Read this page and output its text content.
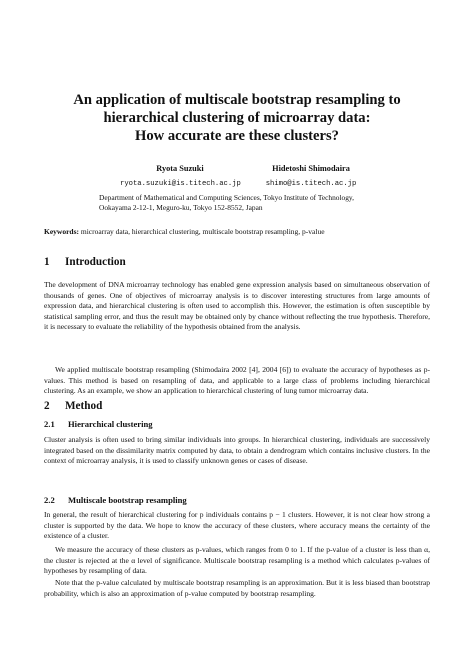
An application of multiscale bootstrap resampling to
hierarchical clustering of microarray data:
How accurate are these clusters?
Ryota Suzuki
ryota.suzuki@is.titech.ac.jp
Hidetoshi Shimodaira
shimo@is.titech.ac.jp
Department of Mathematical and Computing Sciences, Tokyo Institute of Technology,
Ookayama 2-12-1, Meguro-ku, Tokyo 152-8552, Japan
Keywords: microarray data, hierarchical clustering, multiscale bootstrap resampling, p-value
1 Introduction
The development of DNA microarray technology has enabled gene expression analysis based on simultaneous observation of thousands of genes. One of objectives of microarray analysis is to discover interesting structures from large amounts of expression data, and hierarchical clustering is often used to accomplish this. However, the estimation is often susceptible by statistical sampling error, and thus the result may be obtained only by chance without reflecting the true hypothesis. Therefore, it is necessary to evaluate the reliability of the hypothesis obtained from the analysis.
We applied multiscale bootstrap resampling (Shimodaira 2002 [4], 2004 [6]) to evaluate the accuracy of hypotheses as p-values. This method is based on resampling of data, and applicable to a large class of problems including hierarchical clustering. As an example, we show an application to hierarchical clustering of lung tumor microarray data.
2 Method
2.1 Hierarchical clustering
Cluster analysis is often used to bring similar individuals into groups. In hierarchical clustering, individuals are successively integrated based on the dissimilarity matrix computed by data, to obtain a dendrogram which contains inclusive clusters. In the context of microarray analysis, it is used to classify unknown genes or cases of disease.
2.2 Multiscale bootstrap resampling
In general, the result of hierarchical clustering for p individuals contains p − 1 clusters. However, it is not clear how strong a cluster is supported by the data. We hope to know the accuracy of these clusters, where accuracy means the certainty of the existence of a cluster.
We measure the accuracy of these clusters as p-values, which ranges from 0 to 1. If the p-value of a cluster is less than α, the cluster is rejected at the α level of significance. Multiscale bootstrap resampling is a method which calculates p-values of hypotheses by resampling of data.
Note that the p-value calculated by multiscale bootstrap resampling is an approximation. But it is less biased than bootstrap probability, which is also an approximation of p-value computed by bootstrap resampling.
